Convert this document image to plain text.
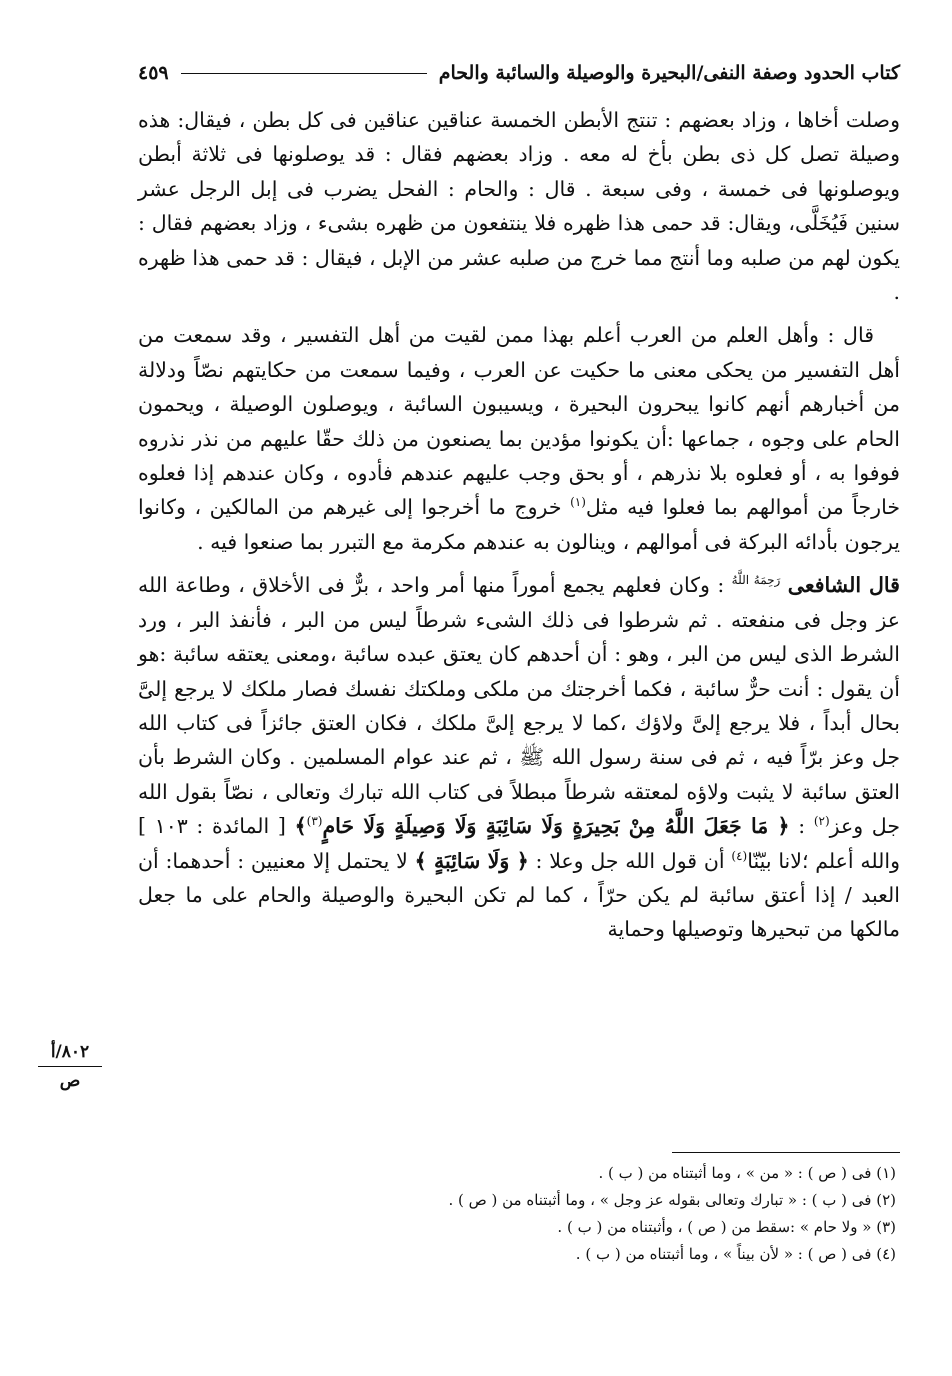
كتاب الحدود وصفة النفى/البحيرة والوصيلة والسائبة والحام
٤٥٩

وصلت أخاها ، وزاد بعضهم : تنتج الأبطن الخمسة عناقين عناقين فى كل بطن ، فيقال: هذه وصيلة تصل كل ذى بطن بأخ له معه . وزاد بعضهم فقال : قد يوصلونها فى ثلاثة أبطن ويوصلونها فى خمسة ، وفى سبعة . قال : والحام : الفحل يضرب فى إبل الرجل عشر سنين فَيُخَلَّى، ويقال: قد حمى هذا ظهره فلا ينتفعون من ظهره بشىء ، وزاد بعضهم فقال : يكون لهم من صلبه وما أنتج مما خرج من صلبه عشر من الإبل ، فيقال : قد حمى هذا ظهره .

قال : وأهل العلم من العرب أعلم بهذا ممن لقيت من أهل التفسير ، وقد سمعت من أهل التفسير من يحكى معنى ما حكيت عن العرب ، وفيما سمعت من حكايتهم نصّاً ودلالة من أخبارهم أنهم كانوا يبحرون البحيرة ، ويسيبون السائبة ، ويوصلون الوصيلة ، ويحمون الحام على وجوه ، جماعها :أن يكونوا مؤدين بما يصنعون من ذلك حقّا عليهم من نذر نذروه فوفوا به ، أو فعلوه بلا نذرهم ، أو بحق وجب عليهم عندهم فأدوه ، وكان عندهم إذا فعلوه خارجاً من أموالهم بما فعلوا فيه مثل$^{(١)}$ خروج ما أخرجوا إلى غيرهم من المالكين ، وكانوا يرجون بأدائه البركة فى أموالهم ، وينالون به عندهم مكرمة مع التبرر بما صنعوا فيه .

قال الشافعى $^{رَحِمَهُ اللَّهُ}$ : وكان فعلهم يجمع أموراً منها أمر واحد ، برٌّ فى الأخلاق ، وطاعة الله عز وجل فى منفعته . ثم شرطوا فى ذلك الشىء شرطاً ليس من البر ، فأنفذ البر ، ورد الشرط الذى ليس من البر ، وهو : أن أحدهم كان يعتق عبده سائبة ،ومعنى يعتقه سائبة :هو أن يقول : أنت حرٌّ سائبة ، فكما أخرجتك من ملكى وملكتك نفسك فصار ملكك لا يرجع إلىَّ بحال أبداً ، فلا يرجع إلىَّ ولاؤك ،كما لا يرجع إلىَّ ملكك ، فكان العتق جائزاً فى كتاب الله جل وعز برّاً فيه ، ثم فى سنة رسول الله ﷺ ، ثم عند عوام المسلمين . وكان الشرط بأن العتق سائبة لا يثبت ولاؤه لمعتقه شرطاً مبطلاً فى كتاب الله تبارك وتعالى ، نصّاً بقول الله جل وعز$^{(٢)}$ : ﴿ مَا جَعَلَ اللَّهُ مِنْ بَحِيرَةٍ وَلَا سَائِبَةٍ وَلَا وَصِيلَةٍ وَلَا حَامٍ$^{(٣)}$﴾ [ المائدة : ١٠٣ ] والله أعلم ؛لانا بيّنّا$^{(٤)}$ أن قول الله جل وعلا : ﴿ وَلَا سَائِبَةٍ ﴾ لا يحتمل إلا معنيين : أحدهما: أن العبد / إذا أعتق سائبة لم يكن حرّاً ، كما لم تكن البحيرة والوصيلة والحام على ما جعل مالكها من تبحيرها وتوصيلها وحماية

٨٠٢/أ
ص
(١) فى ( ص ) : « من » ، وما أثبتناه من ( ب ) .
(٢) فى ( ب ) : « تبارك وتعالى بقوله عز وجل » ، وما أثبتناه من ( ص ) .
(٣) « ولا حام » :سقط من ( ص ) ، وأثبتناه من ( ب ) .
(٤) فى ( ص ) : « لأن بيناً » ، وما أثبتناه من ( ب ) .
